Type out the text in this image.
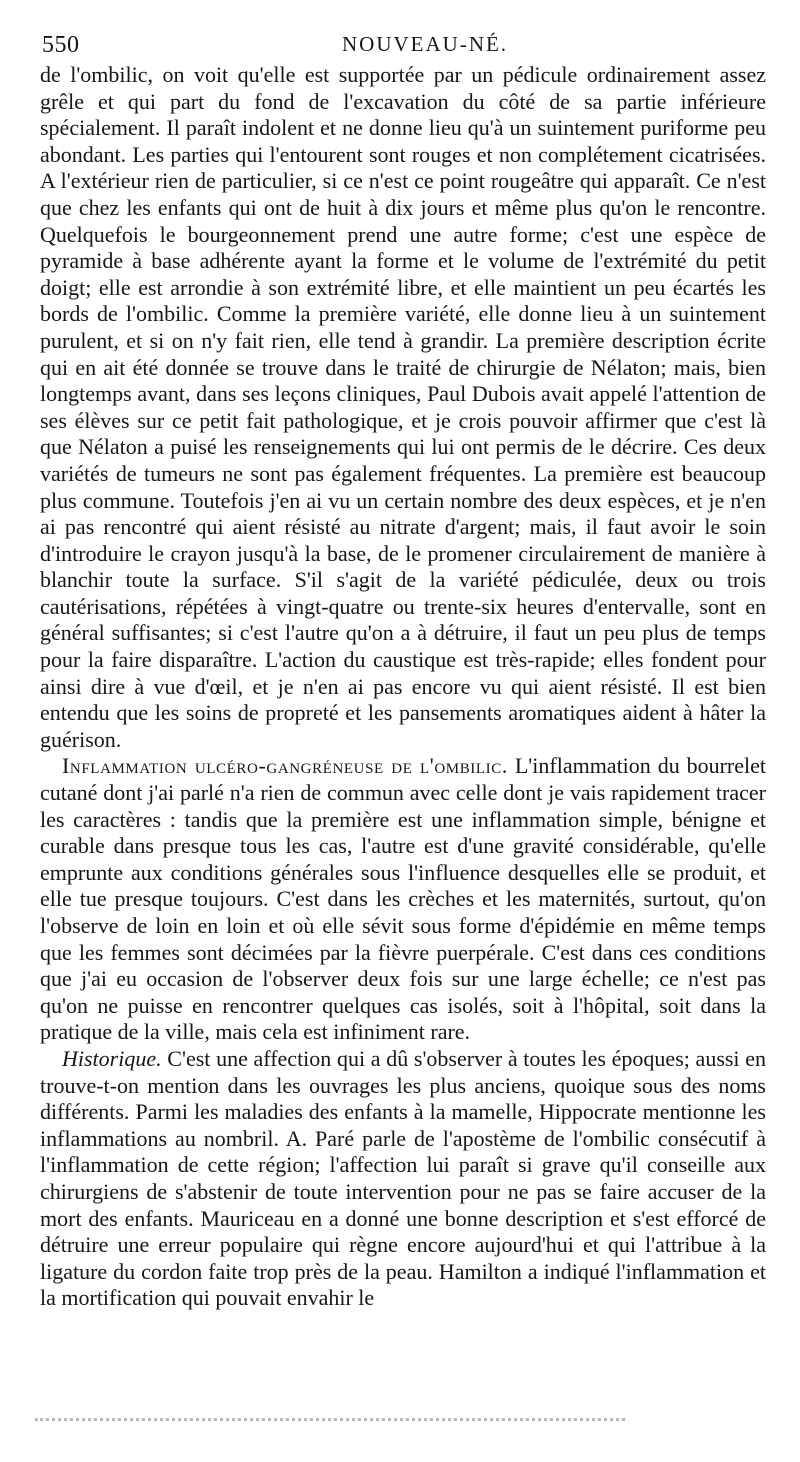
550	NOUVEAU-NÉ.

de l'ombilic, on voit qu'elle est supportée par un pédicule ordinairement assez grêle et qui part du fond de l'excavation du côté de sa partie inférieure spécialement. Il paraît indolent et ne donne lieu qu'à un suintement puriforme peu abondant. Les parties qui l'entourent sont rouges et non complétement cicatrisées. A l'extérieur rien de particulier, si ce n'est ce point rougeâtre qui apparaît. Ce n'est que chez les enfants qui ont de huit à dix jours et même plus qu'on le rencontre. Quelquefois le bourgeonnement prend une autre forme; c'est une espèce de pyramide à base adhérente ayant la forme et le volume de l'extrémité du petit doigt; elle est arrondie à son extrémité libre, et elle maintient un peu écartés les bords de l'ombilic. Comme la première variété, elle donne lieu à un suintement purulent, et si on n'y fait rien, elle tend à grandir. La première description écrite qui en ait été donnée se trouve dans le traité de chirurgie de Nélaton; mais, bien longtemps avant, dans ses leçons cliniques, Paul Dubois avait appelé l'attention de ses élèves sur ce petit fait pathologique, et je crois pouvoir affirmer que c'est là que Nélaton a puisé les renseignements qui lui ont permis de le décrire. Ces deux variétés de tumeurs ne sont pas également fréquentes. La première est beaucoup plus commune. Toutefois j'en ai vu un certain nombre des deux espèces, et je n'en ai pas rencontré qui aient résisté au nitrate d'argent; mais, il faut avoir le soin d'introduire le crayon jusqu'à la base, de le promener circulairement de manière à blanchir toute la surface. S'il s'agit de la variété pédiculée, deux ou trois cautérisations, répétées à vingt-quatre ou trente-six heures d'entervalle, sont en général suffisantes; si c'est l'autre qu'on a à détruire, il faut un peu plus de temps pour la faire disparaître. L'action du caustique est très-rapide; elles fondent pour ainsi dire à vue d'œil, et je n'en ai pas encore vu qui aient résisté. Il est bien entendu que les soins de propreté et les pansements aromatiques aident à hâter la guérison.

Inflammation ulcéro-gangréneuse de l'ombilic. L'inflammation du bourrelet cutané dont j'ai parlé n'a rien de commun avec celle dont je vais rapidement tracer les caractères : tandis que la première est une inflammation simple, bénigne et curable dans presque tous les cas, l'autre est d'une gravité considérable, qu'elle emprunte aux conditions générales sous l'influence desquelles elle se produit, et elle tue presque toujours. C'est dans les crèches et les maternités, surtout, qu'on l'observe de loin en loin et où elle sévit sous forme d'épidémie en même temps que les femmes sont décimées par la fièvre puerpérale. C'est dans ces conditions que j'ai eu occasion de l'observer deux fois sur une large échelle; ce n'est pas qu'on ne puisse en rencontrer quelques cas isolés, soit à l'hôpital, soit dans la pratique de la ville, mais cela est infiniment rare.

Historique. C'est une affection qui a dû s'observer à toutes les époques; aussi en trouve-t-on mention dans les ouvrages les plus anciens, quoique sous des noms différents. Parmi les maladies des enfants à la mamelle, Hippocrate mentionne les inflammations au nombril. A. Paré parle de l'apostème de l'ombilic consécutif à l'inflammation de cette région; l'affection lui paraît si grave qu'il conseille aux chirurgiens de s'abstenir de toute intervention pour ne pas se faire accuser de la mort des enfants. Mauriceau en a donné une bonne description et s'est efforcé de détruire une erreur populaire qui règne encore aujourd'hui et qui l'attribue à la ligature du cordon faite trop près de la peau. Hamilton a indiqué l'inflammation et la mortification qui pouvait envahir le
